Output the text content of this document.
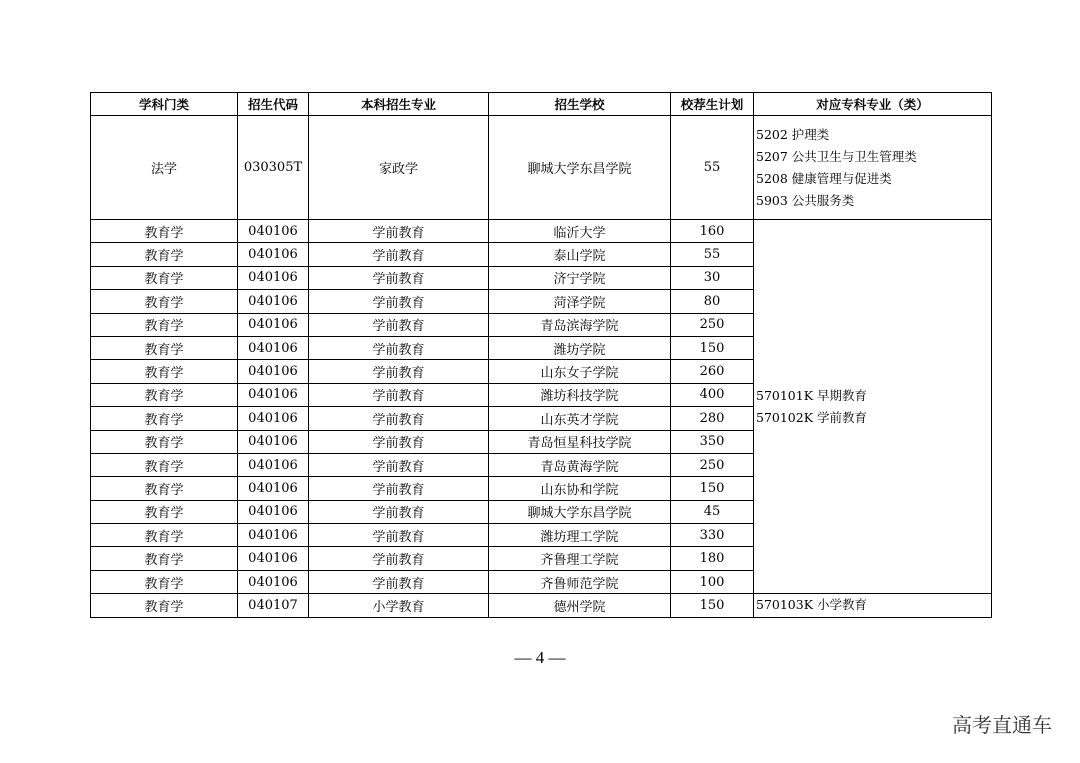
学科门类	招生代码	本科招生专业	招生学校	校荐生计划	对应专科专业（类）
法学	030305T	家政学	聊城大学东昌学院	55	5202 护理类
5207 公共卫生与卫生管理类
5208 健康管理与促进类
5903 公共服务类

教育学	040106	学前教育	临沂大学	160	570101K 早期教育
570102K 学前教育

教育学	040106	学前教育	泰山学院	55	
教育学	040106	学前教育	济宁学院	30	
教育学	040106	学前教育	菏泽学院	80	
教育学	040106	学前教育	青岛滨海学院	250	
教育学	040106	学前教育	潍坊学院	150	
教育学	040106	学前教育	山东女子学院	260	
教育学	040106	学前教育	潍坊科技学院	400	
教育学	040106	学前教育	山东英才学院	280	
教育学	040106	学前教育	青岛恒星科技学院	350	
教育学	040106	学前教育	青岛黄海学院	250	
教育学	040106	学前教育	山东协和学院	150	
教育学	040106	学前教育	聊城大学东昌学院	45	
教育学	040106	学前教育	潍坊理工学院	330	
教育学	040106	学前教育	齐鲁理工学院	180	
教育学	040106	学前教育	齐鲁师范学院	100	
教育学	040107	小学教育	德州学院	150	570103K 小学教育
— 4 —
高考直通车
